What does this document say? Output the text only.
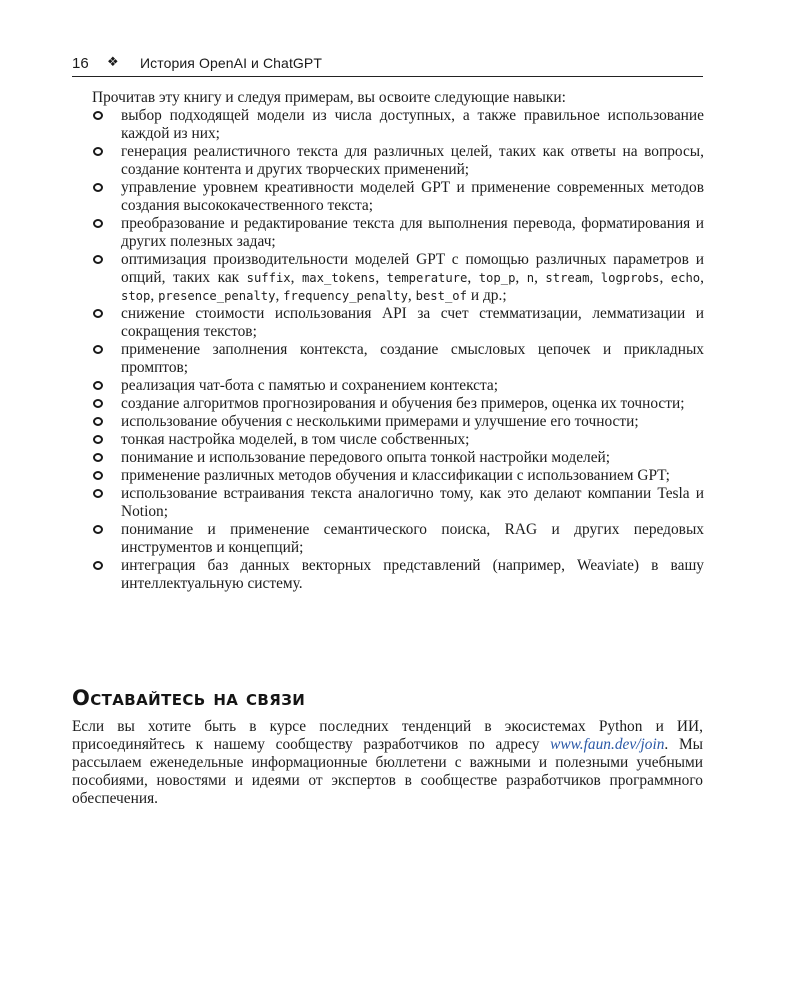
16 ❖ История OpenAI и ChatGPT

Прочитав эту книгу и следуя примерам, вы освоите следующие навыки:

выбор подходящей модели из числа доступных, а также правильное использование каждой из них;
генерация реалистичного текста для различных целей, таких как ответы на вопросы, создание контента и других творческих применений;
управление уровнем креативности моделей GPT и применение современных методов создания высококачественного текста;
преобразование и редактирование текста для выполнения перевода, форматирования и других полезных задач;
оптимизация производительности моделей GPT с помощью различных параметров и опций, таких как suffix, max_tokens, temperature, top_p, n, stream, logprobs, echo, stop, presence_penalty, frequency_penalty, best_of и др.;
снижение стоимости использования API за счет стемматизации, лемматизации и сокращения текстов;
применение заполнения контекста, создание смысловых цепочек и прикладных промптов;
реализация чат-бота с памятью и сохранением контекста;
создание алгоритмов прогнозирования и обучения без примеров, оценка их точности;
использование обучения с несколькими примерами и улучшение его точности;
тонкая настройка моделей, в том числе собственных;
понимание и использование передового опыта тонкой настройки моделей;
применение различных методов обучения и классификации с использованием GPT;
использование встраивания текста аналогично тому, как это делают компании Tesla и Notion;
понимание и применение семантического поиска, RAG и других передовых инструментов и концепций;
интеграция баз данных векторных представлений (например, Weaviate) в вашу интеллектуальную систему.
Оставайтесь на связи

Если вы хотите быть в курсе последних тенденций в экосистемах Python и ИИ, присоединяйтесь к нашему сообществу разработчиков по адресу www.faun.dev/join. Мы рассылаем еженедельные информационные бюллетени с важными и полезными учебными пособиями, новостями и идеями от экспертов в сообществе разработчиков программного обеспечения.
